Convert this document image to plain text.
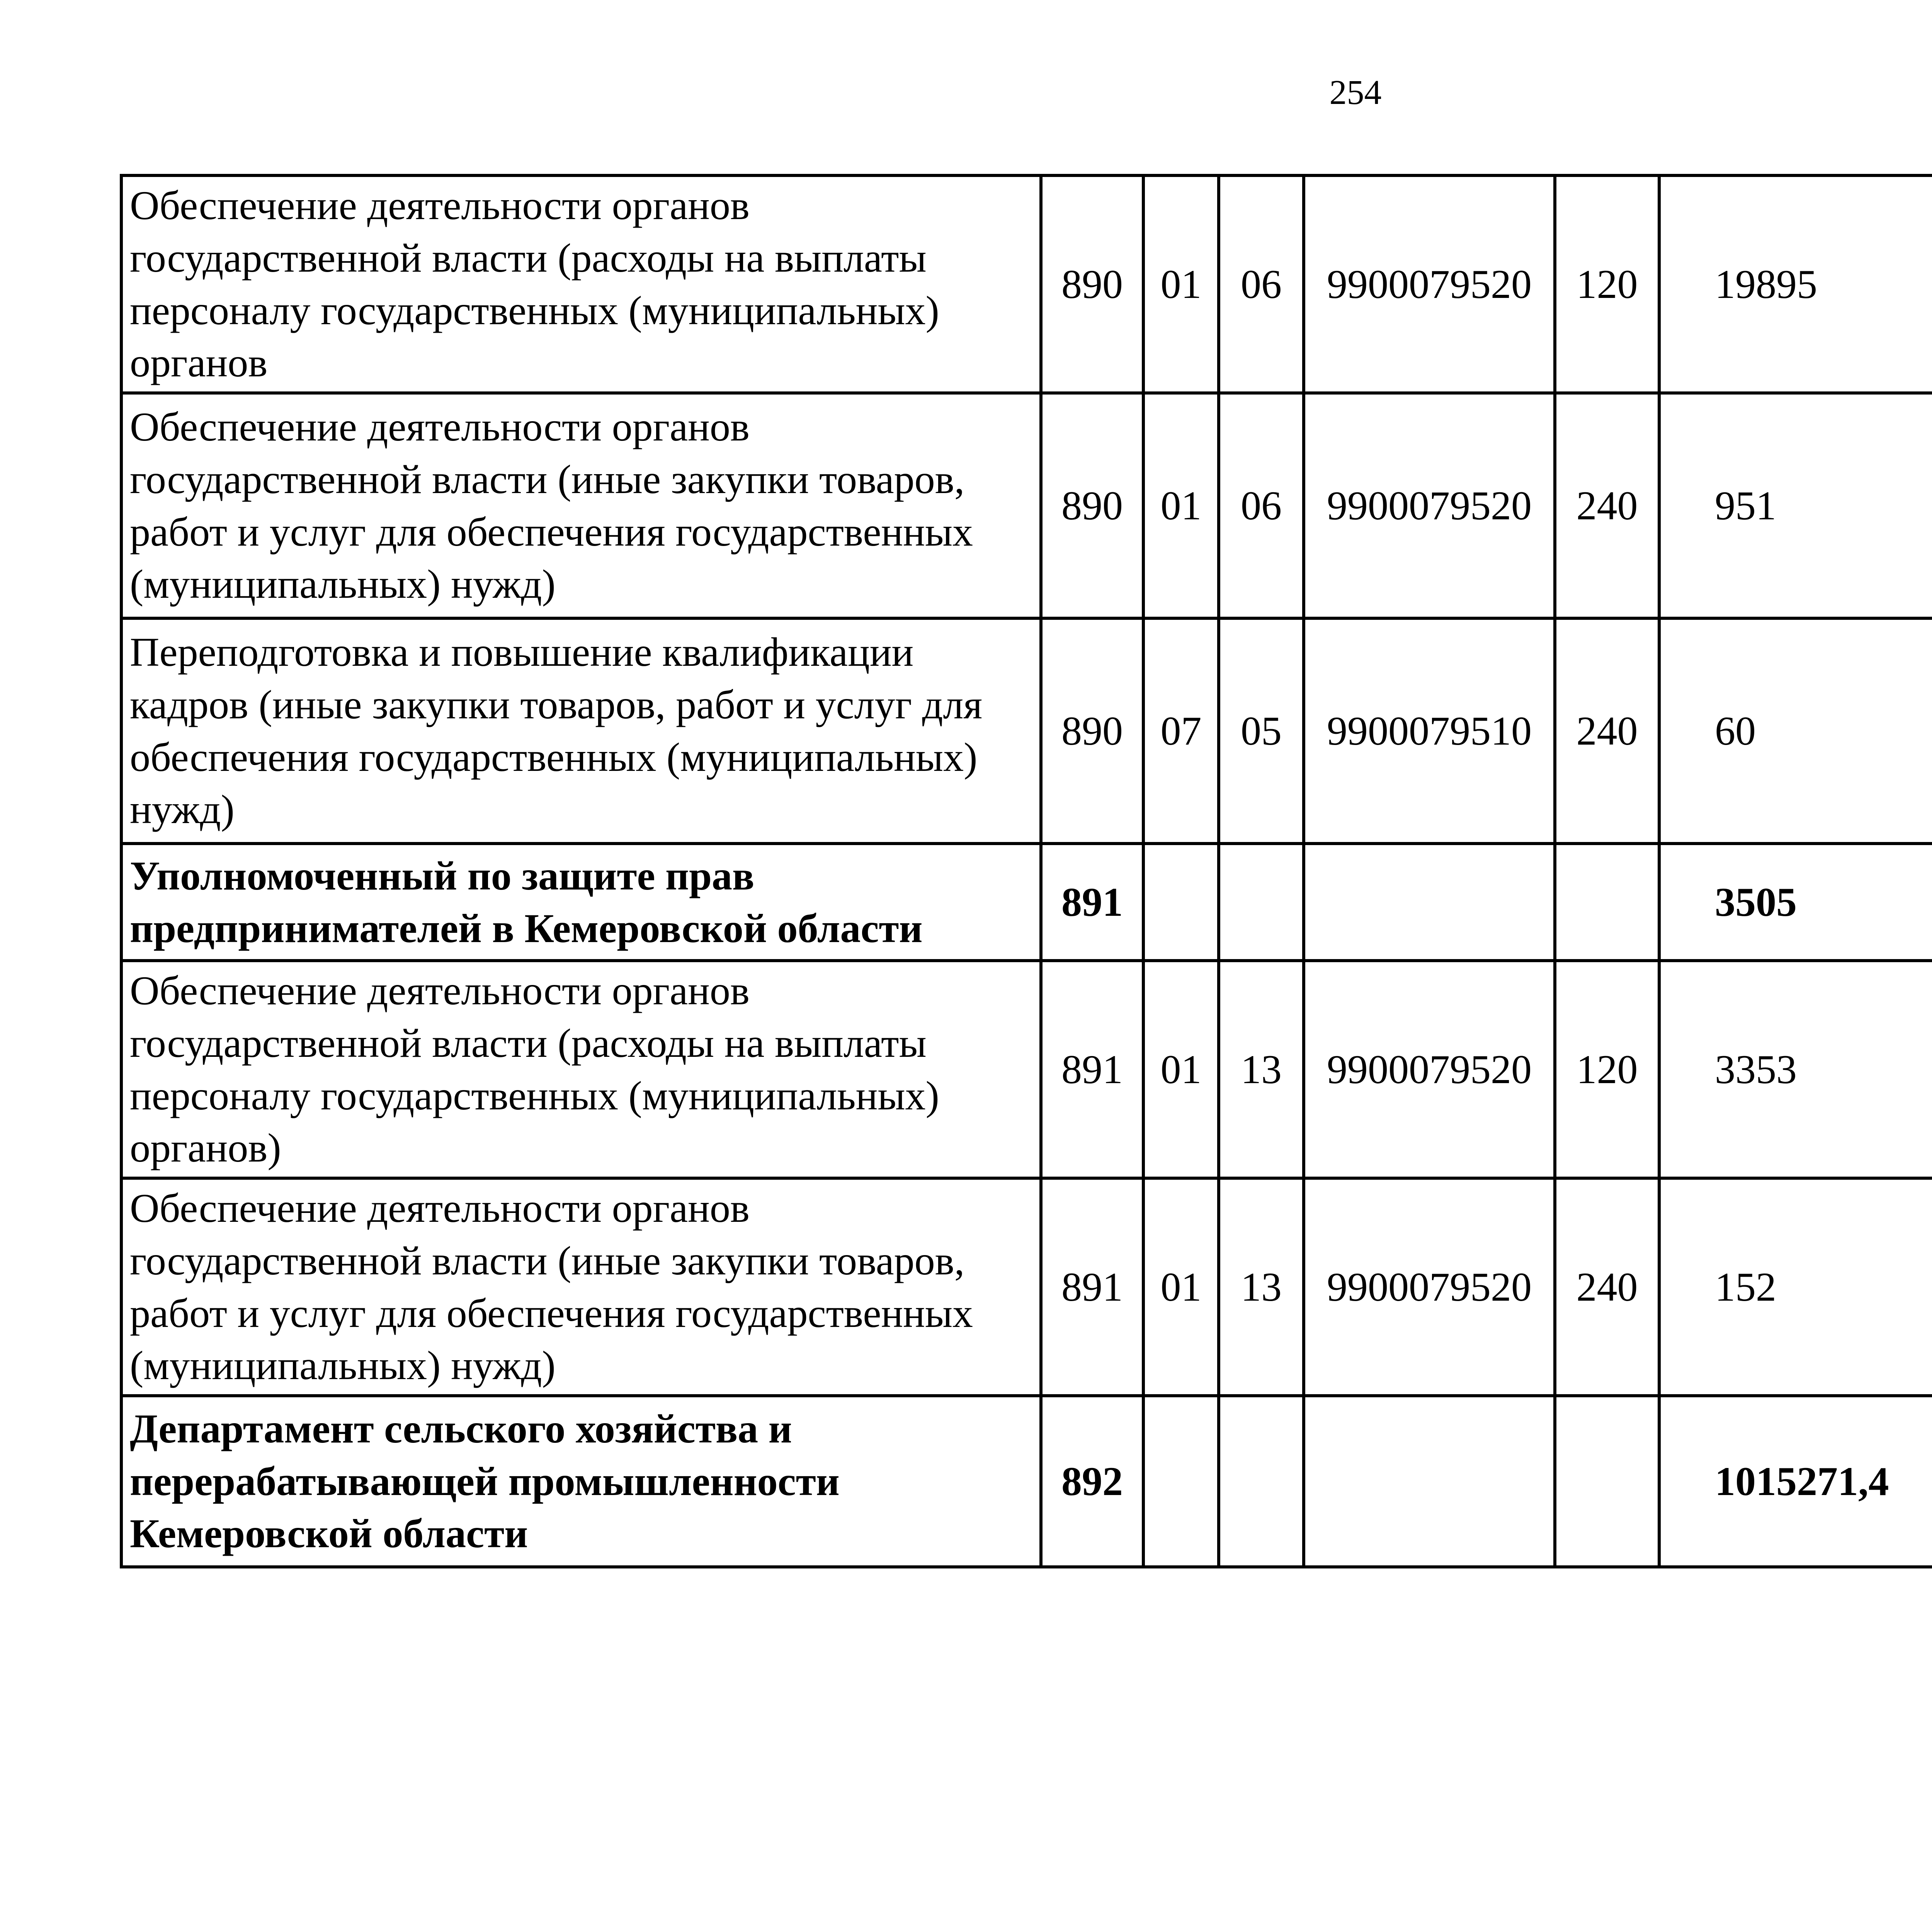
254
Обеспечение деятельности органов государственной власти (расходы на выплаты персоналу государственных (муниципальных) органов	890	01	06	9900079520	120	19895		
Обеспечение деятельности органов государственной власти (иные закупки товаров, работ и услуг для обеспечения государственных (муниципальных) нужд)	890	01	06	9900079520	240	951		
Переподготовка и повышение квалификации кадров (иные закупки товаров, работ и услуг для обеспечения государственных (муниципальных) нужд)	890	07	05	9900079510	240	60		
Уполномоченный по защите прав предпринимателей в Кемеровской области	891					3505		
Обеспечение деятельности органов государственной власти (расходы на выплаты персоналу государственных (муниципальных) органов)	891	01	13	9900079520	120	3353		
Обеспечение деятельности органов государственной власти (иные закупки товаров, работ и услуг для обеспечения государственных (муниципальных) нужд)	891	01	13	9900079520	240	152		
Департамент сельского хозяйства и перерабатывающей промышленности Кемеровской области	892					1015271,4		
